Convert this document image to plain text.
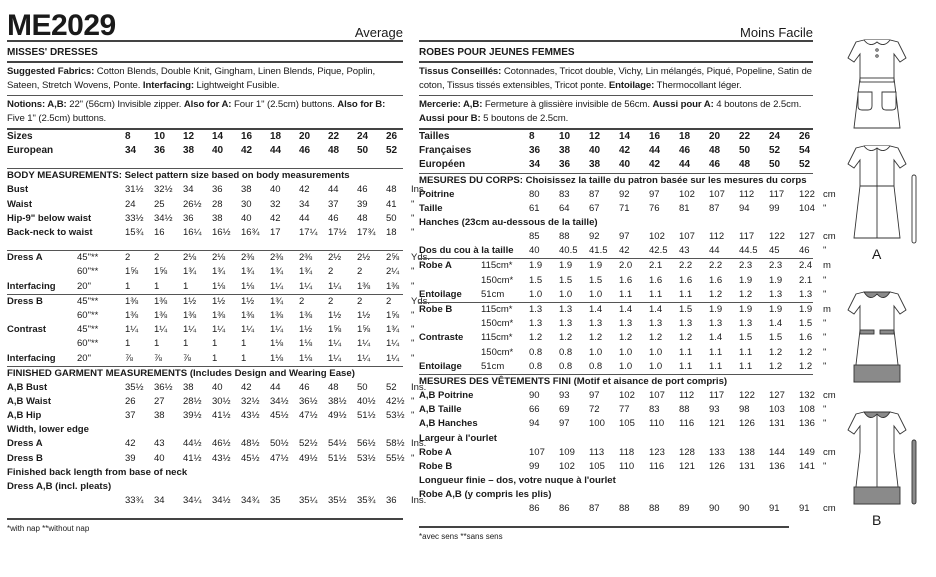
ME2029	Average
MISSES' DRESSES
Suggested Fabrics: Cotton Blends, Double Knit, Gingham, Linen Blends, Pique, Poplin, Sateen, Stretch Wovens, Ponte. Interfacing: Lightweight Fusible.
Notions: A,B: 22" (56cm) Invisible zipper. Also for A: Four 1" (2.5cm) buttons. Also for B: Five 1" (2.5cm) buttons.
Sizes	8	10	12	14	16	18	20	22	24	26	
European	34	36	38	40	42	44	46	48	50	52	
BODY MEASUREMENTS: Select pattern size based on body measurements
Bust	31½	32½	34	36	38	40	42	44	46	48	Ins.
Waist	24	25	26½	28	30	32	34	37	39	41	"
Hip-9" below waist	33½	34½	36	38	40	42	44	46	48	50	"
Back-neck to waist	15¾	16	16¼	16½	16¾	17	17¼	17½	17¾	18	"
Dress A	45"**	2	2	2⅛	2⅛	2⅜	2⅜	2⅜	2½	2½	2⅝	Yds.
	60"**	1⅝	1⅝	1¾	1¾	1¾	1¾	1¾	2	2	2¼	"
Interfacing	20"	1	1	1	1⅛	1⅛	1¼	1¼	1¼	1⅜	1⅜	"
Dress B	45"**	1⅜	1⅜	1½	1½	1½	1¾	2	2	2	2	Yds.
	60"**	1⅜	1⅜	1⅜	1⅜	1⅜	1⅜	1⅜	1½	1½	1⅝	"
Contrast	45"**	1¼	1¼	1¼	1¼	1¼	1¼	1½	1⅝	1⅝	1¾	"
	60"**	1	1	1	1	1	1⅛	1⅛	1¼	1¼	1¼	"
Interfacing	20"	⅞	⅞	⅞	1	1	1⅛	1⅛	1¼	1¼	1¼	"
FINISHED GARMENT MEASUREMENTS (Includes Design and Wearing Ease)
A,B Bust	35½	36½	38	40	42	44	46	48	50	52	Ins.
A,B Waist	26	27	28½	30½	32½	34½	36½	38½	40½	42½	"
A,B Hip	37	38	39½	41½	43½	45½	47½	49½	51½	53½	"
Width, lower edge
Dress A	42	43	44½	46½	48½	50½	52½	54½	56½	58½	Ins.
Dress B	39	40	41½	43½	45½	47½	49½	51½	53½	55½	"
Finished back length from base of neck
Dress A,B (incl. pleats)
	33¾	34	34¼	34½	34¾	35	35¼	35½	35¾	36	Ins.
*with nap **without nap
Moins Facile
ROBES POUR JEUNES FEMMES
Tissus Conseillés: Cotonnades, Tricot double, Vichy, Lin mélangés, Piqué, Popeline, Satin de coton, Tissus tissés extensibles, Tricot ponte. Entoilage: Thermocollant léger.
Mercerie: A,B: Fermeture à glissière invisible de 56cm. Aussi pour A: 4 boutons de 2.5cm. Aussi pour B: 5 boutons de 2.5cm.
Tailles	8	10	12	14	16	18	20	22	24	26	
Françaises	36	38	40	42	44	46	48	50	52	54	
Européen	34	36	38	40	42	44	46	48	50	52	
MESURES DU CORPS: Choisissez la taille du patron basée sur les mesures du corps
Poitrine	80	83	87	92	97	102	107	112	117	122	cm
Taille	61	64	67	71	76	81	87	94	99	104	"
Hanches (23cm au-dessous de la taille)
	85	88	92	97	102	107	112	117	122	127	cm
Dos du cou à la taille	40	40.5	41.5	42	42.5	43	44	44.5	45	46	"
Robe A	115cm*	1.9	1.9	1.9	2.0	2.1	2.2	2.2	2.3	2.3	2.4	m
	150cm*	1.5	1.5	1.5	1.6	1.6	1.6	1.6	1.9	1.9	2.1	"
Entoilage	51cm	1.0	1.0	1.0	1.1	1.1	1.1	1.2	1.2	1.3	1.3	"
Robe B	115cm*	1.3	1.3	1.4	1.4	1.4	1.5	1.9	1.9	1.9	1.9	m
	150cm*	1.3	1.3	1.3	1.3	1.3	1.3	1.3	1.3	1.4	1.5	"
Contraste	115cm*	1.2	1.2	1.2	1.2	1.2	1.2	1.4	1.5	1.5	1.6	"
	150cm*	0.8	0.8	1.0	1.0	1.0	1.1	1.1	1.1	1.2	1.2	"
Entoilage	51cm	0.8	0.8	0.8	1.0	1.0	1.1	1.1	1.1	1.2	1.2	"
MESURES DES VÊTEMENTS FINI (Motif et aisance de port compris)
A,B Poitrine	90	93	97	102	107	112	117	122	127	132	cm
A,B Taille	66	69	72	77	83	88	93	98	103	108	"
A,B Hanches	94	97	100	105	110	116	121	126	131	136	"
Largeur à l'ourlet
Robe A	107	109	113	118	123	128	133	138	144	149	cm
Robe B	99	102	105	110	116	121	126	131	136	141	"
Longueur finie – dos, votre nuque à l'ourlet
Robe A,B (y compris les plis)
	86	86	87	88	88	89	90	90	91	91	cm
*avec sens **sans sens
A
B
